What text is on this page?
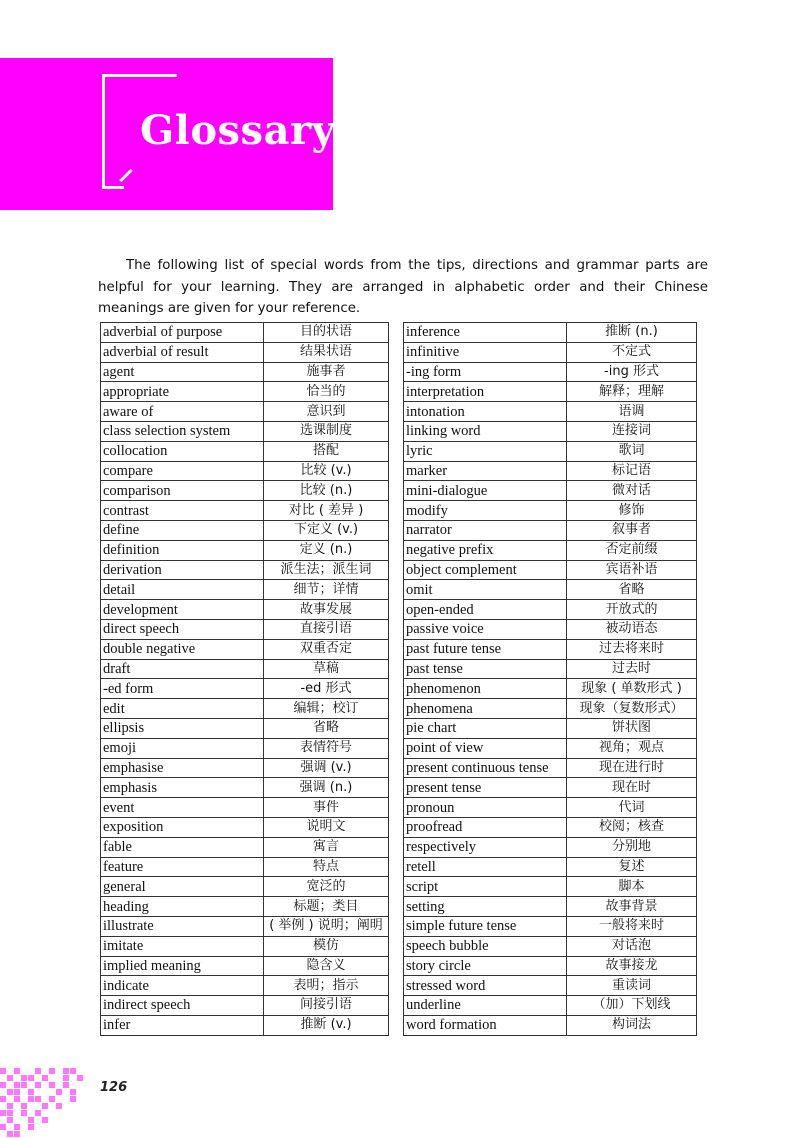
Glossary

The following list of special words from the tips, directions and grammar parts are helpful for your learning. They are arranged in alphabetic order and their Chinese meanings are given for your reference.

adverbial of purpose	目的状语
adverbial of result	结果状语
agent	施事者
appropriate	恰当的
aware of	意识到
class selection system	选课制度
collocation	搭配
compare	比较 (v.)
comparison	比较 (n.)
contrast	对比 ( 差异 )
define	下定义 (v.)
definition	定义 (n.)
derivation	派生法；派生词
detail	细节；详情
development	故事发展
direct speech	直接引语
double negative	双重否定
draft	草稿
-ed form	-ed 形式
edit	编辑；校订
ellipsis	省略
emoji	表情符号
emphasise	强调 (v.)
emphasis	强调 (n.)
event	事件
exposition	说明文
fable	寓言
feature	特点
general	宽泛的
heading	标题；类目
illustrate	( 举例 ) 说明；阐明
imitate	模仿
implied meaning	隐含义
indicate	表明；指示
indirect speech	间接引语
infer	推断 (v.)
inference	推断 (n.)
infinitive	不定式
-ing form	-ing 形式
interpretation	解释；理解
intonation	语调
linking word	连接词
lyric	歌词
marker	标记语
mini-dialogue	微对话
modify	修饰
narrator	叙事者
negative prefix	否定前缀
object complement	宾语补语
omit	省略
open-ended	开放式的
passive voice	被动语态
past future tense	过去将来时
past tense	过去时
phenomenon	现象 ( 单数形式 )
phenomena	现象（复数形式）
pie chart	饼状图
point of view	视角；观点
present continuous tense	现在进行时
present tense	现在时
pronoun	代词
proofread	校阅；核查
respectively	分别地
retell	复述
script	脚本
setting	故事背景
simple future tense	一般将来时
speech bubble	对话泡
story circle	故事接龙
stressed word	重读词
underline	（加）下划线
word formation	构词法
126
